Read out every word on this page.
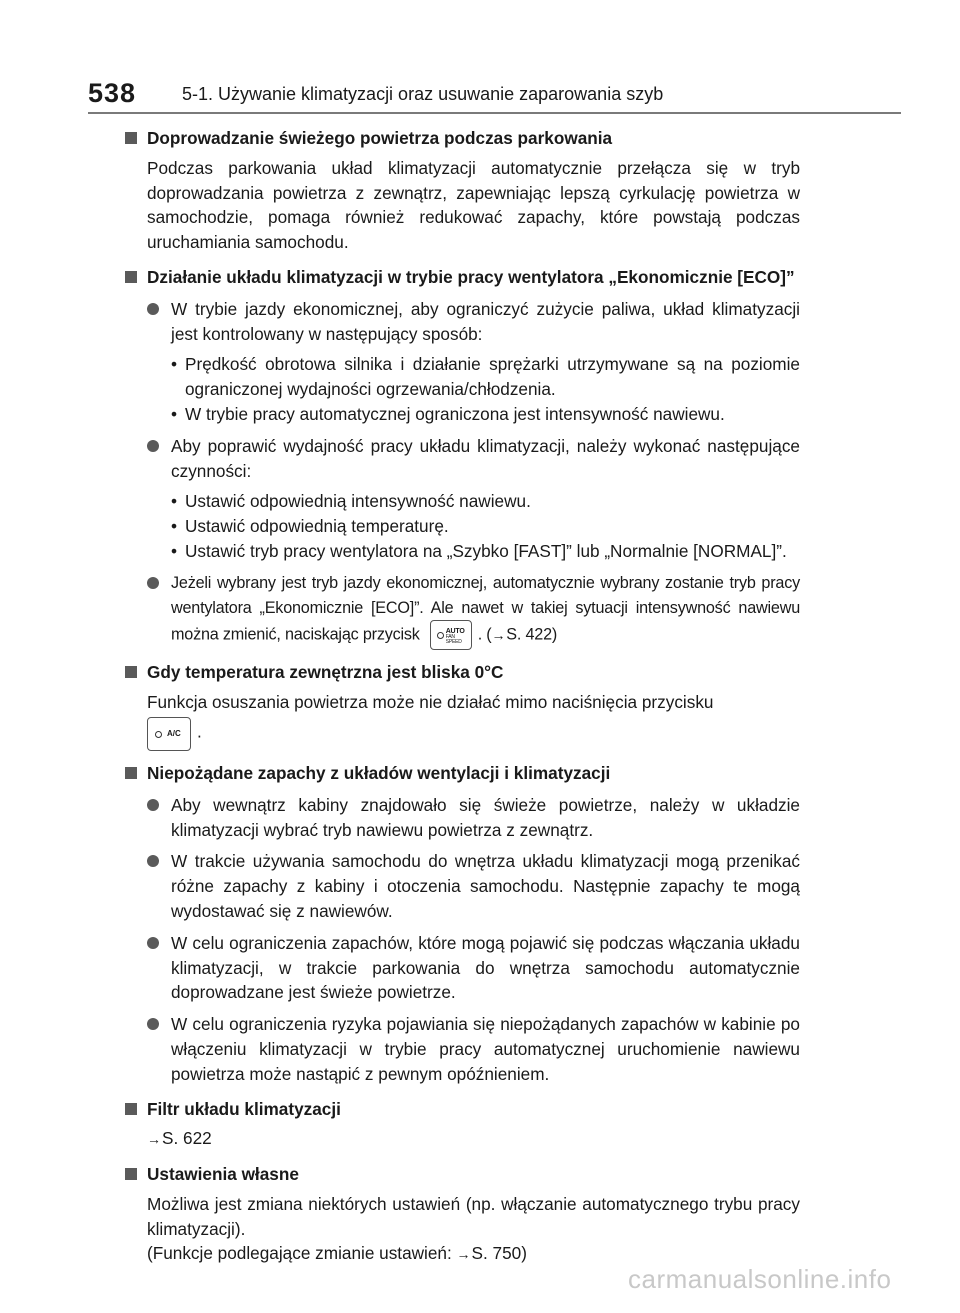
538	5-1. Używanie klimatyzacji oraz usuwanie zaparowania szyb
Doprowadzanie świeżego powietrza podczas parkowania
Podczas parkowania układ klimatyzacji automatycznie przełącza się w tryb doprowadzania powietrza z zewnątrz, zapewniając lepszą cyrkulację powietrza w samochodzie, pomaga również redukować zapachy, które powstają podczas uruchamiania samochodu.
Działanie układu klimatyzacji w trybie pracy wentylatora „Ekonomicznie [ECO]”
W trybie jazdy ekonomicznej, aby ograniczyć zużycie paliwa, układ klimatyzacji jest kontrolowany w następujący sposób:
• Prędkość obrotowa silnika i działanie sprężarki utrzymywane są na poziomie ograniczonej wydajności ogrzewania/chłodzenia.
• W trybie pracy automatycznej ograniczona jest intensywność nawiewu.
Aby poprawić wydajność pracy układu klimatyzacji, należy wykonać następujące czynności:
• Ustawić odpowiednią intensywność nawiewu.
• Ustawić odpowiednią temperaturę.
• Ustawić tryb pracy wentylatora na „Szybko [FAST]” lub „Normalnie [NORMAL]”.
Jeżeli wybrany jest tryb jazdy ekonomicznej, automatycznie wybrany zostanie tryb pracy wentylatora „Ekonomicznie [ECO]”. Ale nawet w takiej sytuacji intensywność nawiewu można zmienić, naciskając przycisk	AUTO
FAN SPEED . (→S. 422)
Gdy temperatura zewnętrzna jest bliska 0°C
Funkcja osuszania powietrza może nie działać mimo naciśnięcia przycisku

A/C .
Niepożądane zapachy z układów wentylacji i klimatyzacji
Aby wewnątrz kabiny znajdowało się świeże powietrze, należy w układzie klimatyzacji wybrać tryb nawiewu powietrza z zewnątrz.
W trakcie używania samochodu do wnętrza układu klimatyzacji mogą przenikać różne zapachy z kabiny i otoczenia samochodu. Następnie zapachy te mogą wydostawać się z nawiewów.
W celu ograniczenia zapachów, które mogą pojawić się podczas włączania układu klimatyzacji, w trakcie parkowania do wnętrza samochodu automatycznie doprowadzane jest świeże powietrze.
W celu ograniczenia ryzyka pojawiania się niepożądanych zapachów w kabinie po włączeniu klimatyzacji w trybie pracy automatycznej uruchomienie nawiewu powietrza może nastąpić z pewnym opóźnieniem.
Filtr układu klimatyzacji
→S. 622
Ustawienia własne
Możliwa jest zmiana niektórych ustawień (np. włączanie automatycznego trybu pracy klimatyzacji).
(Funkcje podlegające zmianie ustawień: →S. 750)
carmanualsonline.info
